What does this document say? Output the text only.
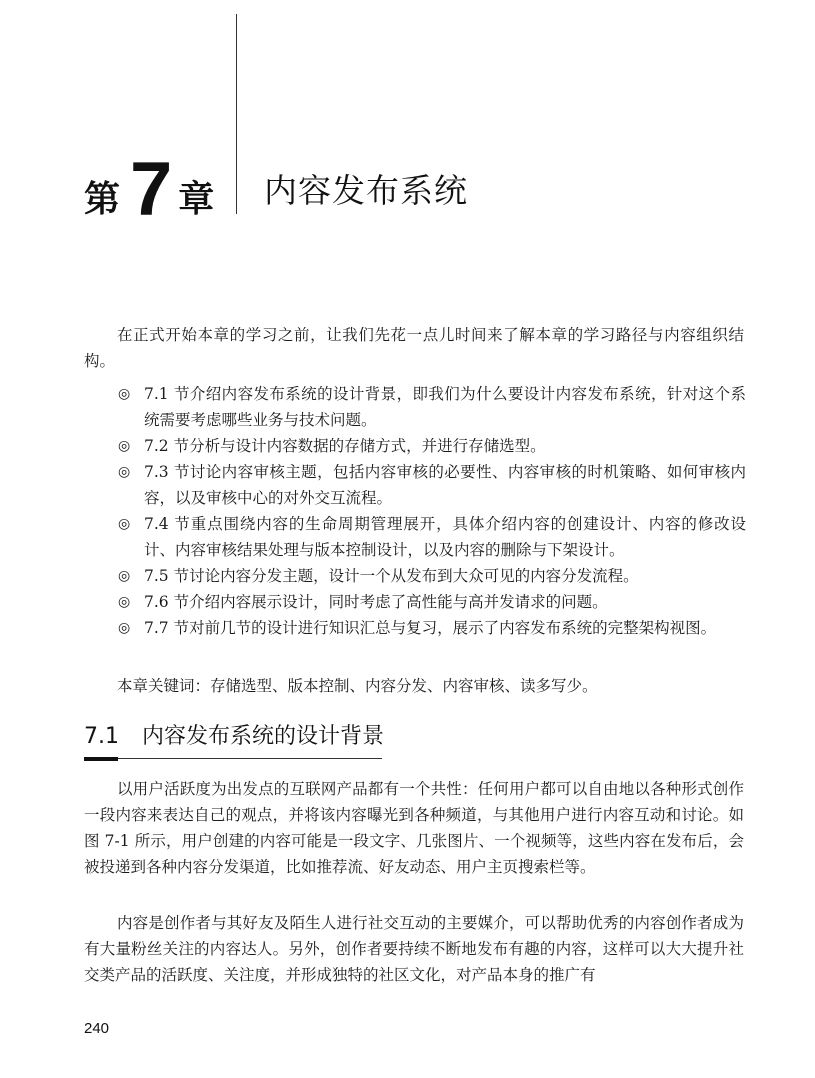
第 7 章 内容发布系统

在正式开始本章的学习之前，让我们先花一点儿时间来了解本章的学习路径与内容组织结构。

◎ 7.1 节介绍内容发布系统的设计背景，即我们为什么要设计内容发布系统，针对这个系统需要考虑哪些业务与技术问题。
◎ 7.2 节分析与设计内容数据的存储方式，并进行存储选型。
◎ 7.3 节讨论内容审核主题，包括内容审核的必要性、内容审核的时机策略、如何审核内容，以及审核中心的对外交互流程。
◎ 7.4 节重点围绕内容的生命周期管理展开，具体介绍内容的创建设计、内容的修改设计、内容审核结果处理与版本控制设计，以及内容的删除与下架设计。
◎ 7.5 节讨论内容分发主题，设计一个从发布到大众可见的内容分发流程。
◎ 7.6 节介绍内容展示设计，同时考虑了高性能与高并发请求的问题。
◎ 7.7 节对前几节的设计进行知识汇总与复习，展示了内容发布系统的完整架构视图。

本章关键词：存储选型、版本控制、内容分发、内容审核、读多写少。

7.1 内容发布系统的设计背景

以用户活跃度为出发点的互联网产品都有一个共性：任何用户都可以自由地以各种形式创作一段内容来表达自己的观点，并将该内容曝光到各种频道，与其他用户进行内容互动和讨论。如图 7-1 所示，用户创建的内容可能是一段文字、几张图片、一个视频等，这些内容在发布后，会被投递到各种内容分发渠道，比如推荐流、好友动态、用户主页搜索栏等。

内容是创作者与其好友及陌生人进行社交互动的主要媒介，可以帮助优秀的内容创作者成为有大量粉丝关注的内容达人。另外，创作者要持续不断地发布有趣的内容，这样可以大大提升社交类产品的活跃度、关注度，并形成独特的社区文化，对产品本身的推广有

240
